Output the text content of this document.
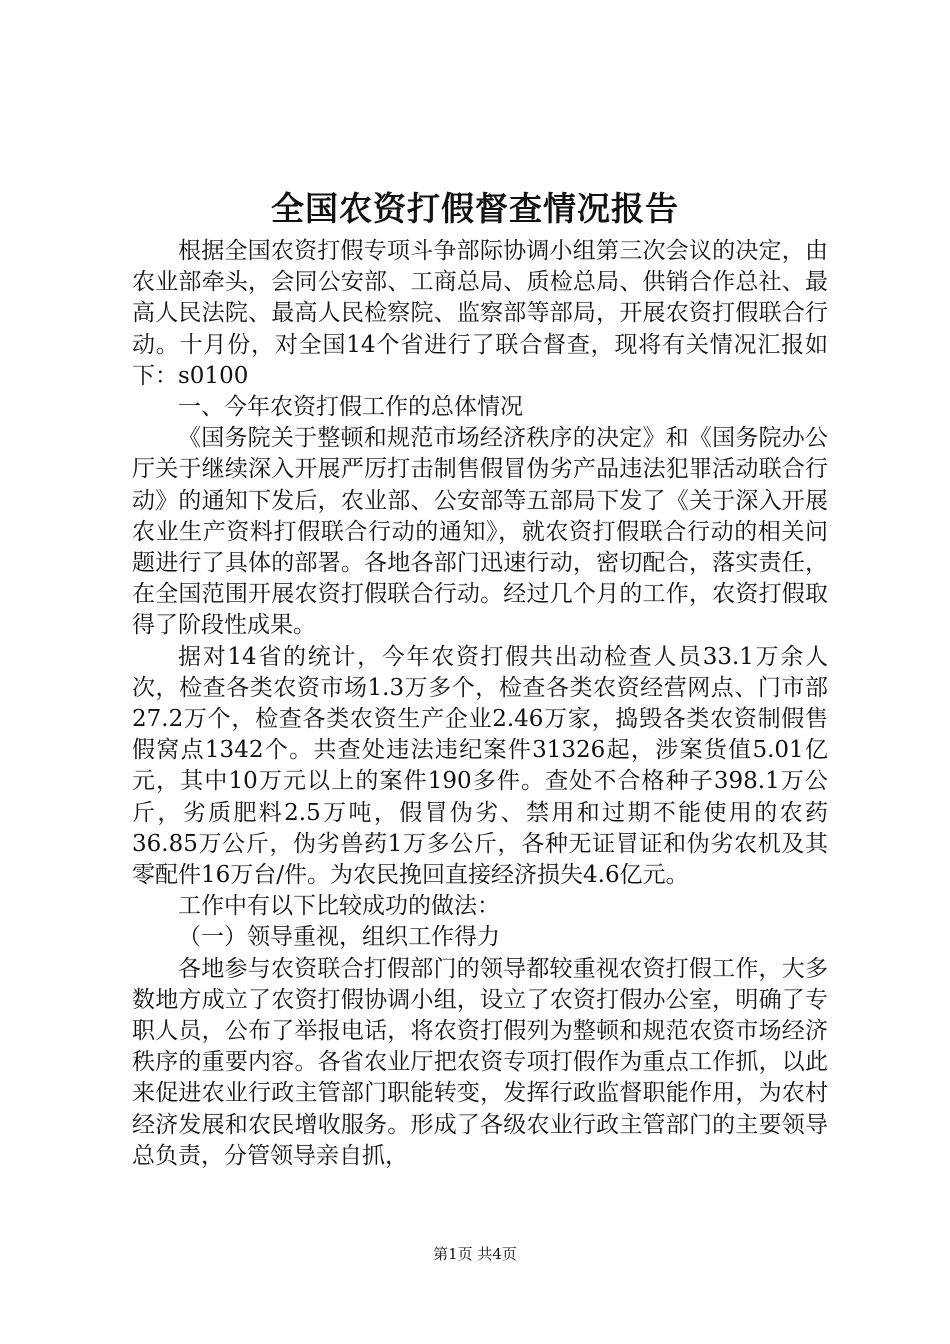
全国农资打假督查情况报告

根据全国农资打假专项斗争部际协调小组第三次会议的决定，由农业部牵头，会同公安部、工商总局、质检总局、供销合作总社、最高人民法院、最高人民检察院、监察部等部局，开展农资打假联合行动。十月份，对全国14个省进行了联合督查，现将有关情况汇报如下：s0100

一、今年农资打假工作的总体情况

《国务院关于整顿和规范市场经济秩序的决定》和《国务院办公厅关于继续深入开展严厉打击制售假冒伪劣产品违法犯罪活动联合行动》的通知下发后，农业部、公安部等五部局下发了《关于深入开展农业生产资料打假联合行动的通知》，就农资打假联合行动的相关问题进行了具体的部署。各地各部门迅速行动，密切配合，落实责任，在全国范围开展农资打假联合行动。经过几个月的工作，农资打假取得了阶段性成果。

据对14省的统计，今年农资打假共出动检查人员33.1万余人次，检查各类农资市场1.3万多个，检查各类农资经营网点、门市部27.2万个，检查各类农资生产企业2.46万家，捣毁各类农资制假售假窝点1342个。共查处违法违纪案件31326起，涉案货值5.01亿元，其中10万元以上的案件190多件。查处不合格种子398.1万公斤，劣质肥料2.5万吨，假冒伪劣、禁用和过期不能使用的农药36.85万公斤，伪劣兽药1万多公斤，各种无证冒证和伪劣农机及其零配件16万台/件。为农民挽回直接经济损失4.6亿元。

工作中有以下比较成功的做法：

（一）领导重视，组织工作得力

各地参与农资联合打假部门的领导都较重视农资打假工作，大多数地方成立了农资打假协调小组，设立了农资打假办公室，明确了专职人员，公布了举报电话，将农资打假列为整顿和规范农资市场经济秩序的重要内容。各省农业厅把农资专项打假作为重点工作抓，以此来促进农业行政主管部门职能转变，发挥行政监督职能作用，为农村经济发展和农民增收服务。形成了各级农业行政主管部门的主要领导总负责，分管领导亲自抓，

第1页 共4页
